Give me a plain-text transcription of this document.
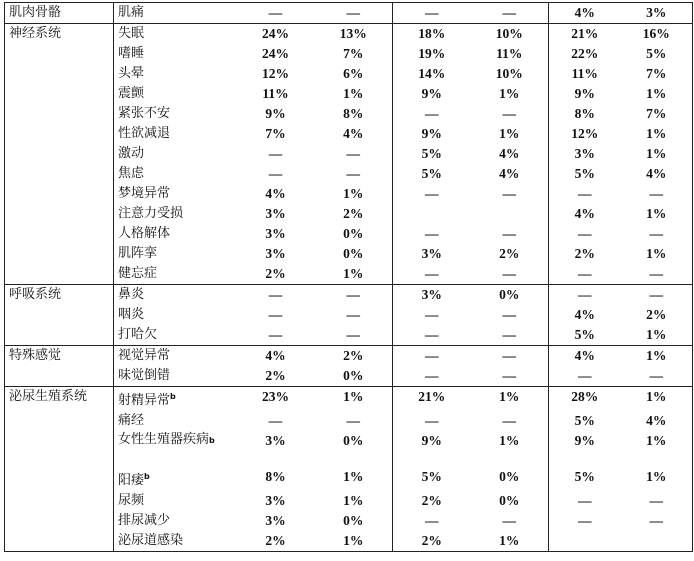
肌肉骨骼	肌痛	—	—	—	—	4%	3%
神经系统	失眠	24%	13%	18%	10%	21%	16%
	嗜睡	24%	7%	19%	11%	22%	5%
	头晕	12%	6%	14%	10%	11%	7%
	震颤	11%	1%	9%	1%	9%	1%
	紧张不安	9%	8%	—	—	8%	7%
	性欲减退	7%	4%	9%	1%	12%	1%
	激动	—	—	5%	4%	3%	1%
	焦虑	—	—	5%	4%	5%	4%
	梦境异常	4%	1%	—	—	—	—
	注意力受损	3%	2%			4%	1%
	人格解体	3%	0%	—	—	—	—
	肌阵挛	3%	0%	3%	2%	2%	1%
	健忘症	2%	1%	—	—	—	—
呼吸系统	鼻炎	—	—	3%	0%	—	—
	咽炎	—	—	—	—	4%	2%
	打哈欠	—	—	—	—	5%	1%
特殊感觉	视觉异常	4%	2%	—	—	4%	1%
	味觉倒错	2%	0%	—	—	—	—
泌尿生殖系统	射精异常$^b$	23%	1%	21%	1%	28%	1%
	痛经	—	—	—	—	5%	4%
	女性生殖器疾病b	3%	0%	9%	1%	9%	1%
	阳痿$^b$	8%	1%	5%	0%	5%	1%
	尿频	3%	1%	2%	0%	—	—
	排尿减少	3%	0%	—	—	—	—
	泌尿道感染	2%	1%	2%	1%		
